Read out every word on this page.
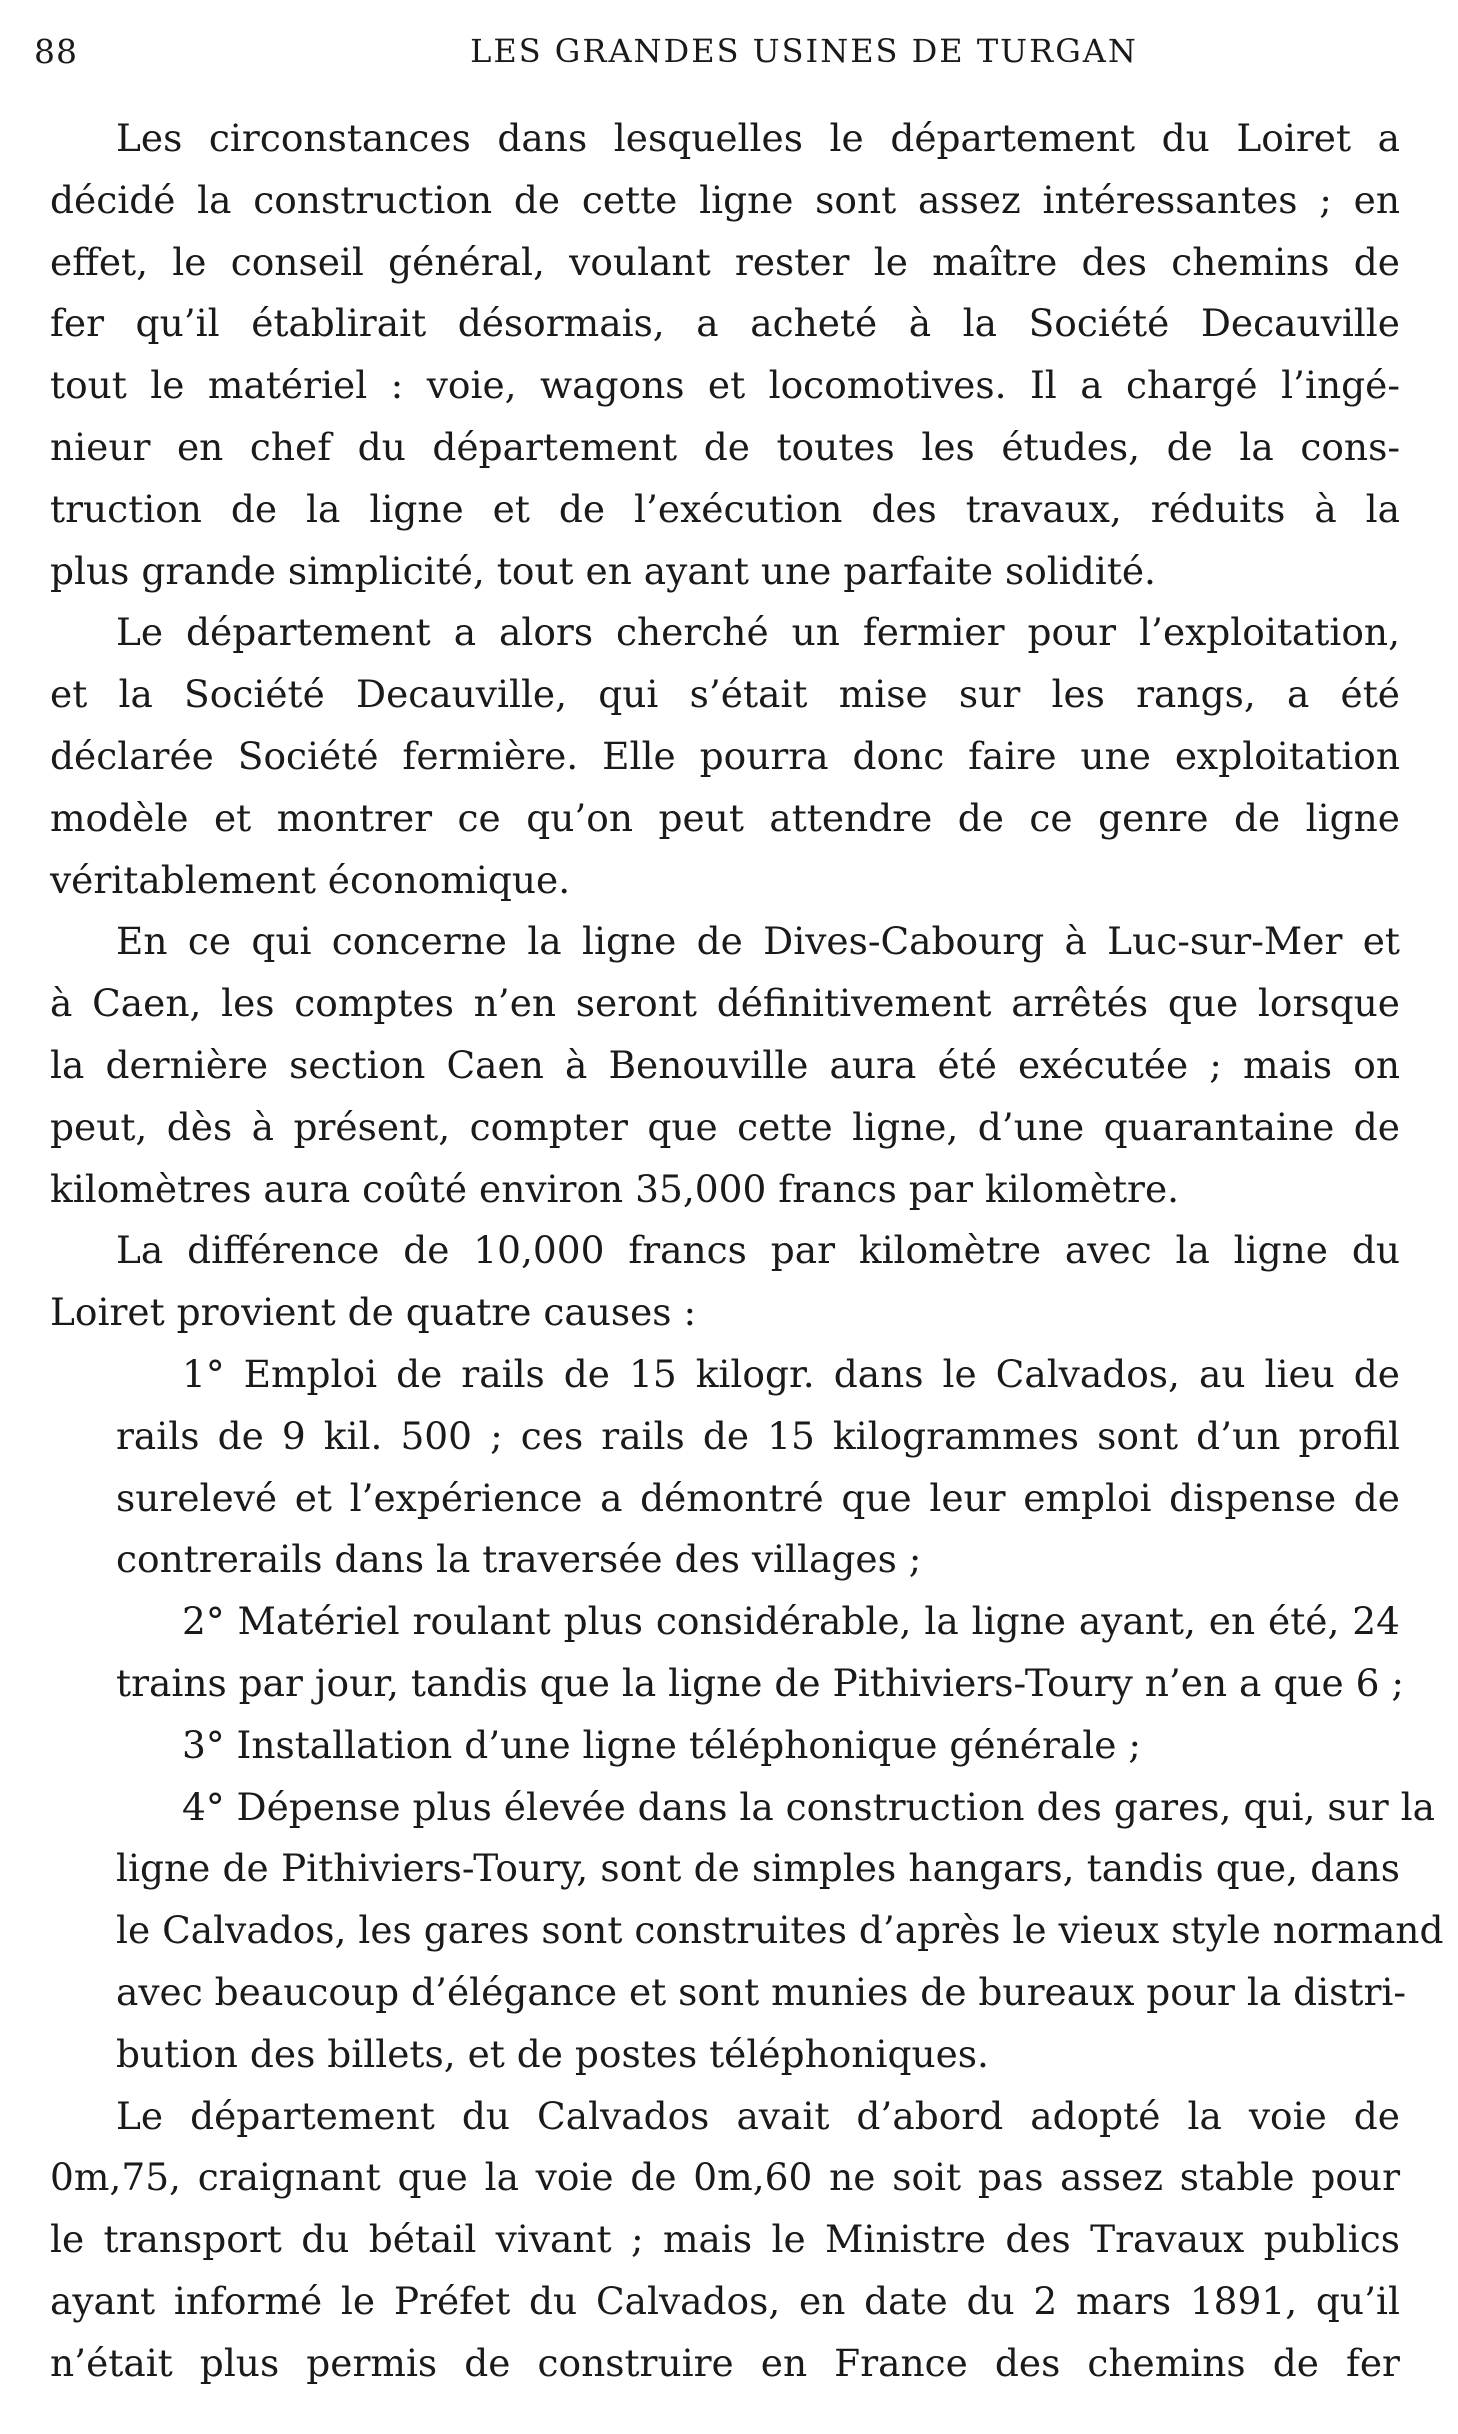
88	LES GRANDES USINES DE TURGAN

Les circonstances dans lesquelles le département du Loiret a
décidé la construction de cette ligne sont assez intéressantes ; en
effet, le conseil général, voulant rester le maître des chemins de
fer qu’il établirait désormais, a acheté à la Société Decauville
tout le matériel : voie, wagons et locomotives. Il a chargé l’ingé-
nieur en chef du département de toutes les études, de la cons-
truction de la ligne et de l’exécution des travaux, réduits à la
plus grande simplicité, tout en ayant une parfaite solidité.

Le département a alors cherché un fermier pour l’exploitation,
et la Société Decauville, qui s’était mise sur les rangs, a été
déclarée Société fermière. Elle pourra donc faire une exploitation
modèle et montrer ce qu’on peut attendre de ce genre de ligne
véritablement économique.

En ce qui concerne la ligne de Dives-Cabourg à Luc-sur-Mer et
à Caen, les comptes n’en seront définitivement arrêtés que lorsque
la dernière section Caen à Benouville aura été exécutée ; mais on
peut, dès à présent, compter que cette ligne, d’une quarantaine de
kilomètres aura coûté environ 35,000 francs par kilomètre.

La différence de 10,000 francs par kilomètre avec la ligne du
Loiret provient de quatre causes :

1° Emploi de rails de 15 kilogr. dans le Calvados, au lieu de
rails de 9 kil. 500 ; ces rails de 15 kilogrammes sont d’un profil
surelevé et l’expérience a démontré que leur emploi dispense de
contrerails dans la traversée des villages ;

2° Matériel roulant plus considérable, la ligne ayant, en été, 24
trains par jour, tandis que la ligne de Pithiviers-Toury n’en a que 6 ;

3° Installation d’une ligne téléphonique générale ;

4° Dépense plus élevée dans la construction des gares, qui, sur la
ligne de Pithiviers-Toury, sont de simples hangars, tandis que, dans
le Calvados, les gares sont construites d’après le vieux style normand
avec beaucoup d’élégance et sont munies de bureaux pour la distri-
bution des billets, et de postes téléphoniques.

Le département du Calvados avait d’abord adopté la voie de
0m,75, craignant que la voie de 0m,60 ne soit pas assez stable pour
le transport du bétail vivant ; mais le Ministre des Travaux publics
ayant informé le Préfet du Calvados, en date du 2 mars 1891, qu’il
n’était plus permis de construire en France des chemins de fer
